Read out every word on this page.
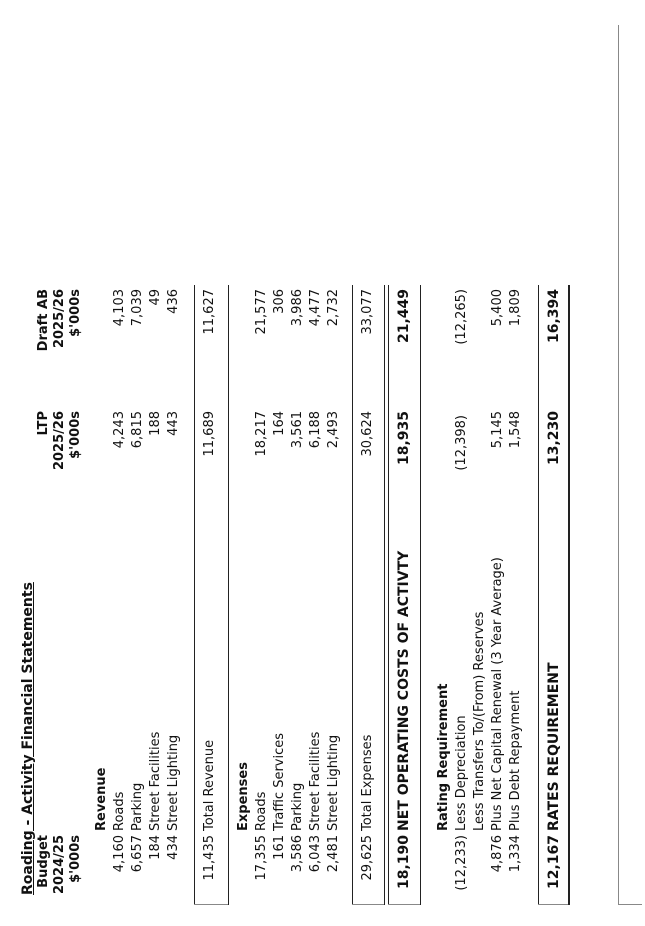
Roading - Activity Financial Statements Budget 2024/25 $'000s
LTP 2025/26 $'000s
Draft AB 2025/26 $'000s
Revenue
4,160
Roads
4,243
4,103
6,657
Parking
6,815
7,039
184
Street Facilities
188
49
434
Street Lighting
443
436
11,435
Total Revenue
11,689
11,627
Expenses
17,355
Roads
18,217
21,577
161
Traffic Services
164
306
3,586
Parking
3,561
3,986
6,043
Street Facilities
6,188
4,477
2,481
Street Lighting
2,493
2,732
29,625
Total Expenses
30,624
33,077
18,190
NET OPERATING COSTS OF ACTIVTY
18,935
21,449
Rating Requirement
(12,233)
Less Depreciation
(12,398)
(12,265)
Less Transfers To/(From) Reserves
4,876
Plus Net Capital Renewal (3 Year Average)
5,145
5,400
1,334
Plus Debt Repayment
1,548
1,809
12,167
RATES REQUIREMENT
13,230
16,394
